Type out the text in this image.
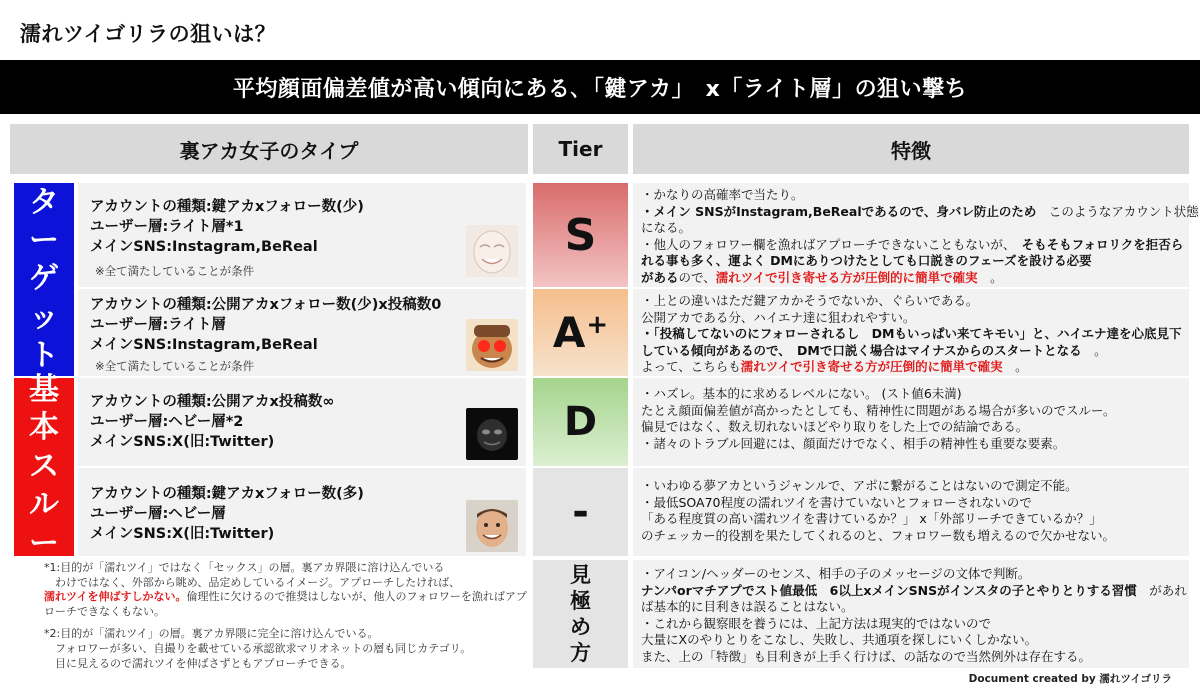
濡れツイゴリラの狙いは？
平均顔面偏差値が高い傾向にある､「鍵アカ」　x「ライト層」の狙い撃ち
裏アカ女子のタイプ	Tier	特徴
タ
ー
ゲ
ッ
ト
基
本
ス
ル
ー
アカウントの種類:鍵アカxフォロー数(少)
ユーザー層:ライト層*1
メインSNS:Instagram,BeReal
※全て満たしていることが条件
アカウントの種類:公開アカxフォロー数(少)x投稿数0
ユーザー層:ライト層
メインSNS:Instagram,BeReal
※全て満たしていることが条件
アカウントの種類:公開アカx投稿数∞
ユーザー層:ヘビー層*2
メインSNS:X(旧:Twitter)
アカウントの種類:鍵アカxフォロー数(多)
ユーザー層:ヘビー層
メインSNS:X(旧:Twitter)
S
A +
D
-
見
極
め
方
・かなりの高確率で当たり。
・メイン SNSがInstagram,BeRealであるので、身バレ防止のため　このようなアカウント状態
になる。
・他人のフォロワー欄を漁ればアプローチできないこともないが、　そもそもフォロリクを拒否ら
れる事も多く、運よく DMにありつけたとしても口説きのフェーズを設ける必要
があるので、濡れツイで引き寄せる方が圧倒的に簡単で確実　。
・上との違いはただ鍵アカかそうでないか、ぐらいである。
公開アカである分、ハイエナ達に狙われやすい。
・「投稿してないのにフォローされるし　DMもいっぱい来てキモい」と、ハイエナ達を心底見下
している傾向があるので、　DMで口説く場合はマイナスからのスタートとなる　。
よって、こちらも濡れツイで引き寄せる方が圧倒的に簡単で確実　。
・ハズレ。基本的に求めるレベルにない。 (スト値6未満)
たとえ顔面偏差値が高かったとしても、精神性に問題がある場合が多いのでスルー。
偏見ではなく、数え切れないほどやり取りをした上での結論である。
・諸々のトラブル回避には、顔面だけでなく、相手の精神性も重要な要素。
・いわゆる夢アカというジャンルで、アポに繋がることはないので測定不能。
・最低SOA70程度の濡れツイを書けていないとフォローされないので
「ある程度質の高い濡れツイを書けているか？」 x「外部リーチできているか？」
のチェッカー的役割を果たしてくれるのと、フォロワー数も増えるので欠かせない。
・アイコン/ヘッダーのセンス、相手の子のメッセージの文体で判断。
ナンパorマチアプでスト値最低　6以上xメインSNSがインスタの子とやりとりする習慣　があれ
ば基本的に目利きは誤ることはない。
・これから観察眼を養うには、上記方法は現実的ではないので
大量にXのやりとりをこなし、失敗し、共通項を探しにいくしかない。
また、上の「特徴」も目利きが上手く行けば、の話なので当然例外は存在する。
*1:目的が「濡れツイ」ではなく「セックス」の層。裏アカ界隈に溶け込んでいる
　わけではなく、外部から眺め、品定めしているイメージ。アプローチしたければ、
濡れツイを伸ばすしかない。倫理性に欠けるので推奨はしないが、他人のフォロワーを漁ればアプ
ローチできなくもない。
*2:目的が「濡れツイ」の層。裏アカ界隈に完全に溶け込んでいる。
　フォロワーが多い、自撮りを載せている承認欲求マリオネットの層も同じカテゴリ。
　目に見えるので濡れツイを伸ばさずともアプローチできる。
Document created by 濡れツイゴリラ
